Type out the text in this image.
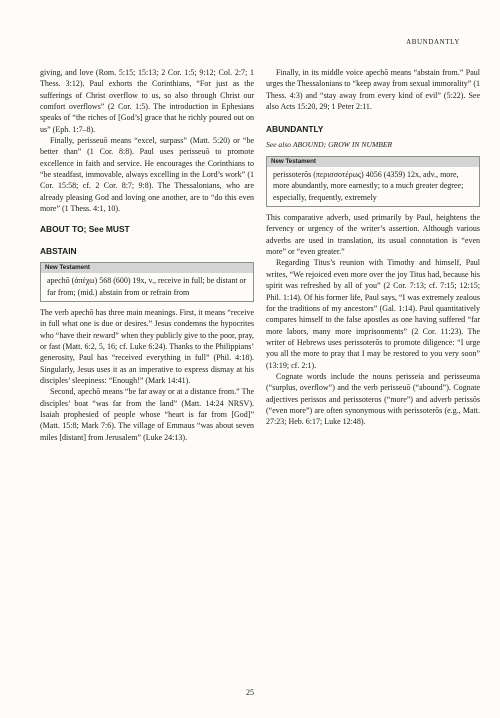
ABUNDANTLY

giving, and love (Rom. 5:15; 15:13; 2 Cor. 1:5; 9:12; Col. 2:7; 1 Thess. 3:12). Paul exhorts the Corinthians, “For just as the sufferings of Christ overflow to us, so also through Christ our comfort overflows” (2 Cor. 1:5). The introduction in Ephesians speaks of “the riches of [God’s] grace that he richly poured out on us” (Eph. 1:7–8).

Finally, perisseuō means “excel, surpass” (Matt. 5:20) or “be better than” (1 Cor. 8:8). Paul uses perisseuō to promote excellence in faith and service. He encourages the Corinthians to “be steadfast, immovable, always excelling in the Lord’s work” (1 Cor. 15:58; cf. 2 Cor. 8:7; 9:8). The Thessalonians, who are already pleasing God and loving one another, are to “do this even more” (1 Thess. 4:1, 10).

ABOUT TO; See MUST
ABSTAIN
New Testament
apechō (ἀπέχω) 568 (600) 19x, v., receive in full; be distant or far from; (mid.) abstain from or refrain from

The verb apechō has three main meanings. First, it means “receive in full what one is due or desires.” Jesus condemns the hypocrites who “have their reward” when they publicly give to the poor, pray, or fast (Matt. 6:2, 5, 16; cf. Luke 6:24). Thanks to the Philippians’ generosity, Paul has “received everything in full” (Phil. 4:18). Singularly, Jesus uses it as an imperative to express dismay at his disciples’ sleepiness: “Enough!” (Mark 14:41).

Second, apechō means “be far away or at a distance from.” The disciples’ boat “was far from the land” (Matt. 14:24 NRSV). Isaiah prophesied of people whose “heart is far from [God]” (Matt. 15:8; Mark 7:6). The village of Emmaus “was about seven miles [distant] from Jerusalem” (Luke 24:13).

Finally, in its middle voice apechō means “abstain from.” Paul urges the Thessalonians to “keep away from sexual immorality” (1 Thess. 4:3) and “stay away from every kind of evil” (5:22). See also Acts 15:20, 29; 1 Peter 2:11.

ABUNDANTLY
See also ABOUND; GROW IN NUMBER
New Testament
perissoterōs (περισσοτέρως) 4056 (4359) 12x, adv., more, more abundantly, more earnestly; to a much greater degree; especially, frequently, extremely

This comparative adverb, used primarily by Paul, heightens the fervency or urgency of the writer’s assertion. Although various adverbs are used in translation, its usual connotation is “even more” or “even greater.”

Regarding Titus’s reunion with Timothy and himself, Paul writes, “We rejoiced even more over the joy Titus had, because his spirit was refreshed by all of you” (2 Cor. 7:13; cf. 7:15; 12:15; Phil. 1:14). Of his former life, Paul says, “I was extremely zealous for the traditions of my ancestors” (Gal. 1:14). Paul quantitatively compares himself to the false apostles as one having suffered “far more labors, many more imprisonments” (2 Cor. 11:23). The writer of Hebrews uses perissoterōs to promote diligence: “I urge you all the more to pray that I may be restored to you very soon” (13:19; cf. 2:1).

Cognate words include the nouns perisseia and perisseuma (“surplus, overflow”) and the verb perisseuō (“abound”). Cognate adjectives perissos and perissoteros (“more”) and adverb perissōs (“even more”) are often synonymous with perissoterōs (e.g., Matt. 27:23; Heb. 6:17; Luke 12:48).

25
